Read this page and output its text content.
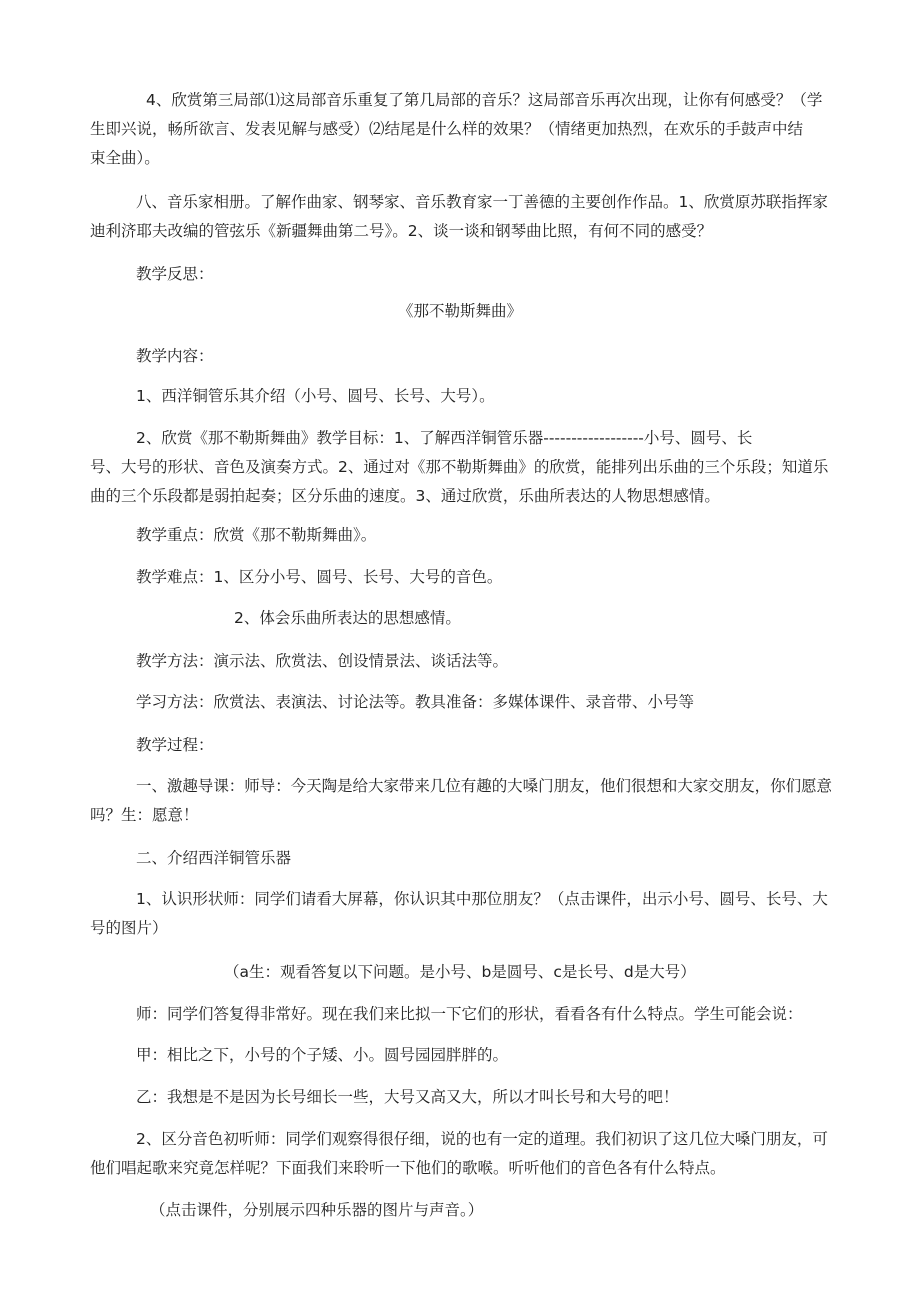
4、欣赏第三局部⑴这局部音乐重复了第几局部的音乐？这局部音乐再次出现，让你有何感受？（学
生即兴说，畅所欲言、发表见解与感受）⑵结尾是什么样的效果？（情绪更加热烈，在欢乐的手鼓声中结
束全曲）。
八、音乐家相册。了解作曲家、钢琴家、音乐教育家一丁善德的主要创作作品。1、欣赏原苏联指挥家
迪利济耶夫改编的管弦乐《新疆舞曲第二号》。2、谈一谈和钢琴曲比照，有何不同的感受？
教学反思：
《那不勒斯舞曲》
教学内容：
1、西洋铜管乐其介绍（小号、圆号、长号、大号）。
2、欣赏《那不勒斯舞曲》教学目标：1、了解西洋铜管乐器------------------小号、圆号、长
号、大号的形状、音色及演奏方式。2、通过对《那不勒斯舞曲》的欣赏，能排列出乐曲的三个乐段；知道乐
曲的三个乐段都是弱拍起奏；区分乐曲的速度。3、通过欣赏，乐曲所表达的人物思想感情。
教学重点：欣赏《那不勒斯舞曲》。
教学难点：1、区分小号、圆号、长号、大号的音色。
2、体会乐曲所表达的思想感情。
教学方法：演示法、欣赏法、创设情景法、谈话法等。
学习方法：欣赏法、表演法、讨论法等。教具准备：多媒体课件、录音带、小号等
教学过程：
一、激趣导课：师导：今天陶是给大家带来几位有趣的大嗓门朋友，他们很想和大家交朋友，你们愿意
吗？生：愿意！
二、介绍西洋铜管乐器
1、认识形状师：同学们请看大屏幕，你认识其中那位朋友？（点击课件，出示小号、圆号、长号、大
号的图片）
（a生：观看答复以下问题。是小号、b是圆号、c是长号、d是大号）
师：同学们答复得非常好。现在我们来比拟一下它们的形状，看看各有什么特点。学生可能会说：
甲：相比之下，小号的个子矮、小。圆号园园胖胖的。
乙：我想是不是因为长号细长一些，大号又高又大，所以才叫长号和大号的吧！
2、区分音色初听师：同学们观察得很仔细，说的也有一定的道理。我们初识了这几位大嗓门朋友，可
他们唱起歌来究竟怎样呢？下面我们来聆听一下他们的歌喉。听听他们的音色各有什么特点。
（点击课件，分别展示四种乐器的图片与声音。）
